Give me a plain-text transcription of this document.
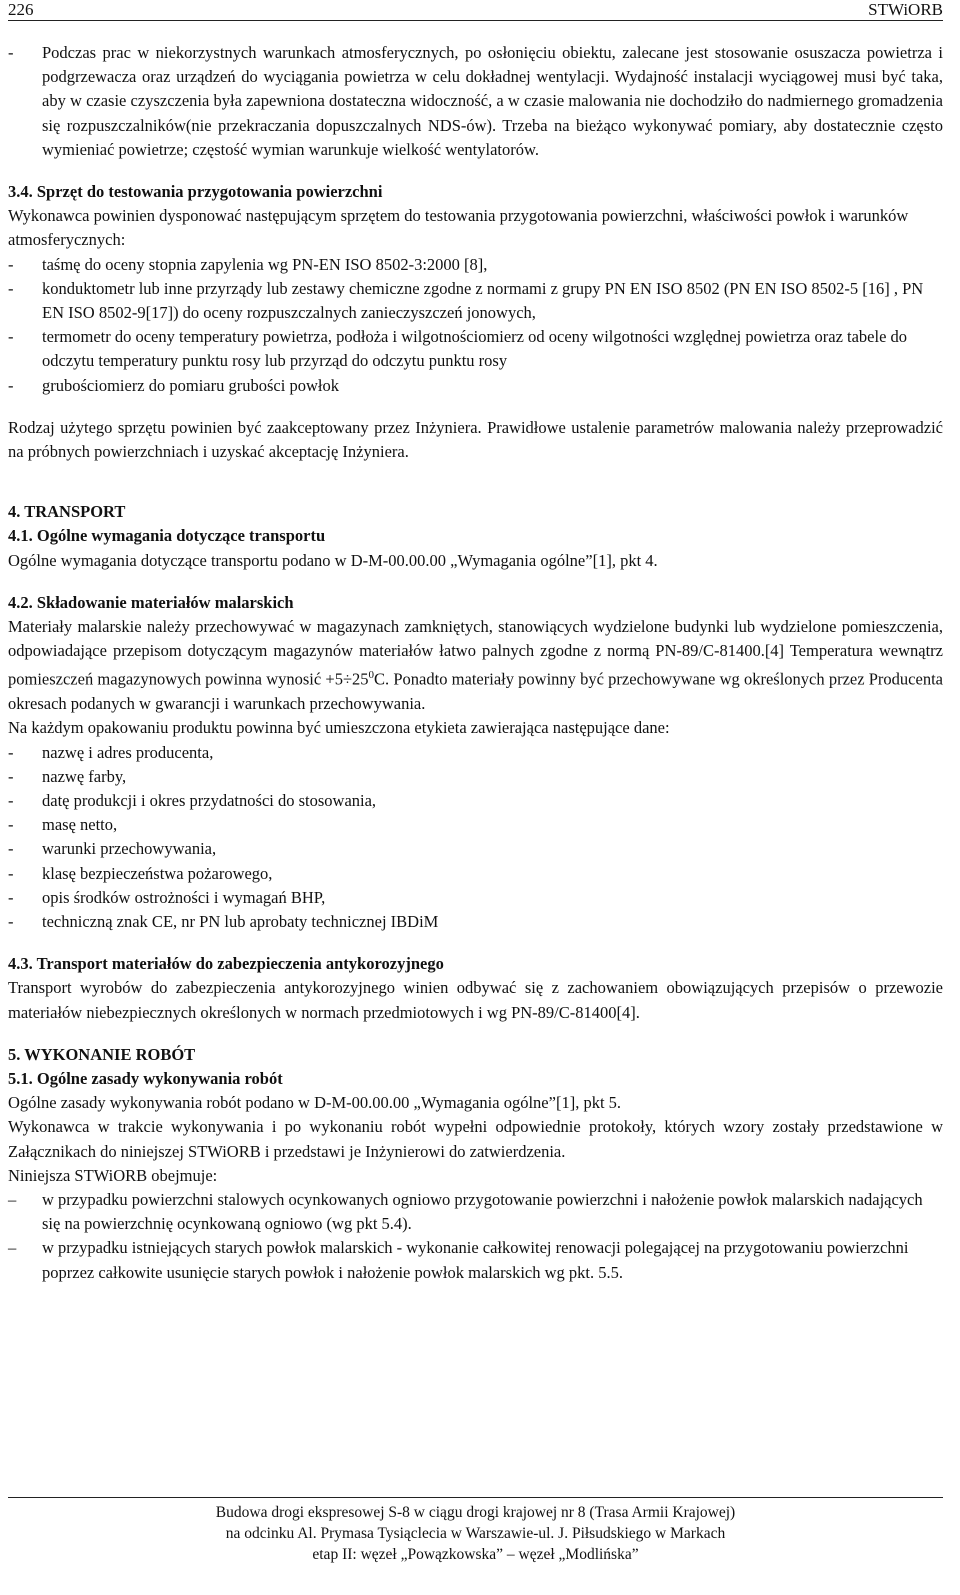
226	STWiORB
-	Podczas prac w niekorzystnych warunkach atmosferycznych, po osłonięciu obiektu, zalecane jest stosowanie osuszacza powietrza i podgrzewacza oraz urządzeń do wyciągania powietrza w celu dokładnej wentylacji. Wydajność instalacji wyciągowej musi być taka, aby w czasie czyszczenia była zapewniona dostateczna widoczność, a w czasie malowania nie dochodziło do nadmiernego gromadzenia się rozpuszczalników(nie przekraczania dopuszczalnych NDS-ów). Trzeba na bieżąco wykonywać pomiary, aby dostatecznie często wymieniać powietrze; częstość wymian warunkuje wielkość wentylatorów.

3.4. Sprzęt do testowania przygotowania powierzchni

Wykonawca powinien dysponować następującym sprzętem do testowania przygotowania powierzchni, właściwości powłok i warunków atmosferycznych:

-	taśmę do oceny stopnia zapylenia wg PN-EN ISO 8502-3:2000 [8],
-	konduktometr lub inne przyrządy lub zestawy chemiczne zgodne z normami z grupy PN EN ISO 8502 (PN EN ISO 8502-5 [16] , PN EN ISO 8502-9[17]) do oceny rozpuszczalnych zanieczyszczeń jonowych,
-	termometr do oceny temperatury powietrza, podłoża i wilgotnościomierz od oceny wilgotności względnej powietrza oraz tabele do odczytu temperatury punktu rosy lub przyrząd do odczytu punktu rosy
-	grubościomierz do pomiaru grubości powłok

Rodzaj użytego sprzętu powinien być zaakceptowany przez Inżyniera. Prawidłowe ustalenie parametrów malowania należy przeprowadzić na próbnych powierzchniach i uzyskać akceptację Inżyniera.

4. TRANSPORT

4.1. Ogólne wymagania dotyczące transportu

Ogólne wymagania dotyczące transportu podano w D-M-00.00.00 „Wymagania ogólne”[1], pkt 4.

4.2. Składowanie materiałów malarskich

Materiały malarskie należy przechowywać w magazynach zamkniętych, stanowiących wydzielone budynki lub wydzielone pomieszczenia, odpowiadające przepisom dotyczącym magazynów materiałów łatwo palnych zgodne z normą PN-89/C-81400.[4] Temperatura wewnątrz pomieszczeń magazynowych powinna wynosić $+5\div 25^0C$. Ponadto materiały powinny być przechowywane wg określonych przez Producenta okresach podanych w gwarancji i warunkach przechowywania.

Na każdym opakowaniu produktu powinna być umieszczona etykieta zawierająca następujące dane:

-	nazwę i adres producenta,
-	nazwę farby,
-	datę produkcji i okres przydatności do stosowania,
-	masę netto,
-	warunki przechowywania,
-	klasę bezpieczeństwa pożarowego,
-	opis środków ostrożności i wymagań BHP,
-	techniczną znak CE, nr PN lub aprobaty technicznej IBDiM

4.3. Transport materiałów do zabezpieczenia antykorozyjnego

Transport wyrobów do zabezpieczenia antykorozyjnego winien odbywać się z zachowaniem obowiązujących przepisów o przewozie materiałów niebezpiecznych określonych w normach przedmiotowych i wg PN-89/C-81400[4].

5. WYKONANIE ROBÓT

5.1. Ogólne zasady wykonywania robót

Ogólne zasady wykonywania robót podano w D-M-00.00.00 „Wymagania ogólne”[1], pkt 5.

Wykonawca w trakcie wykonywania i po wykonaniu robót wypełni odpowiednie protokoły, których wzory zostały przedstawione w Załącznikach do niniejszej STWiORB i przedstawi je Inżynierowi do zatwierdzenia.

Niniejsza STWiORB obejmuje:

–	w przypadku powierzchni stalowych ocynkowanych ogniowo przygotowanie powierzchni i nałożenie powłok malarskich nadających się na powierzchnię ocynkowaną ogniowo (wg pkt 5.4).
–	w przypadku istniejących starych powłok malarskich - wykonanie całkowitej renowacji polegającej na przygotowaniu powierzchni poprzez całkowite usunięcie starych powłok i nałożenie powłok malarskich wg pkt. 5.5.
Budowa drogi ekspresowej S-8 w ciągu drogi krajowej nr 8 (Trasa Armii Krajowej)
na odcinku Al. Prymasa Tysiąclecia w Warszawie-ul. J. Piłsudskiego w Markach
etap II: węzeł „Powązkowska” – węzeł „Modlińska”
